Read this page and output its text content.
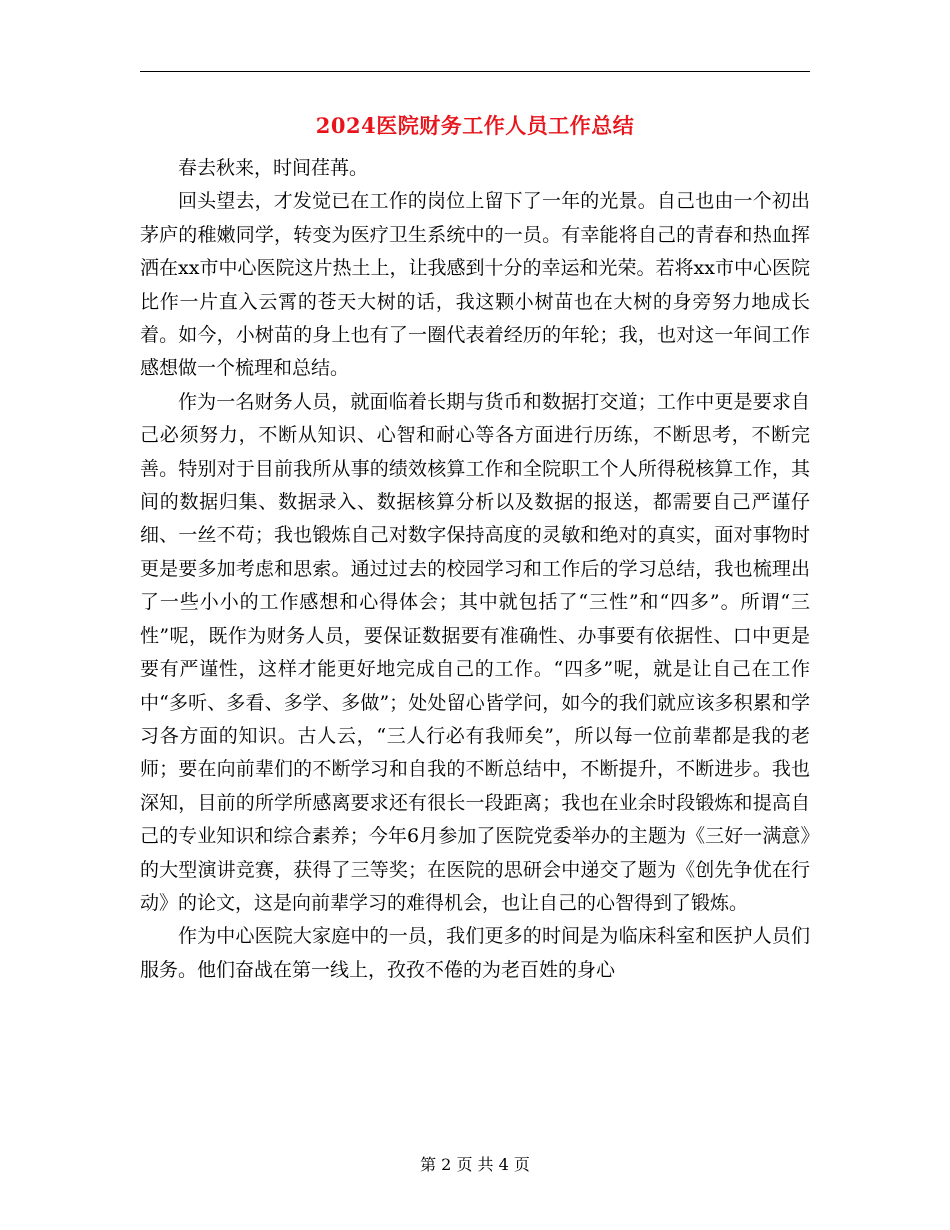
2024医院财务工作人员工作总结

春去秋来，时间荏苒。

回头望去，才发觉已在工作的岗位上留下了一年的光景。自己也由一个初出茅庐的稚嫩同学，转变为医疗卫生系统中的一员。有幸能将自己的青春和热血挥洒在xx市中心医院这片热土上，让我感到十分的幸运和光荣。若将xx市中心医院比作一片直入云霄的苍天大树的话，我这颗小树苗也在大树的身旁努力地成长着。如今，小树苗的身上也有了一圈代表着经历的年轮；我，也对这一年间工作感想做一个梳理和总结。

作为一名财务人员，就面临着长期与货币和数据打交道；工作中更是要求自己必须努力，不断从知识、心智和耐心等各方面进行历练，不断思考，不断完善。特别对于目前我所从事的绩效核算工作和全院职工个人所得税核算工作，其间的数据归集、数据录入、数据核算分析以及数据的报送，都需要自己严谨仔细、一丝不苟；我也锻炼自己对数字保持高度的灵敏和绝对的真实，面对事物时更是要多加考虑和思索。通过过去的校园学习和工作后的学习总结，我也梳理出了一些小小的工作感想和心得体会；其中就包括了“三性”和“四多”。所谓“三性”呢，既作为财务人员，要保证数据要有准确性、办事要有依据性、口中更是要有严谨性，这样才能更好地完成自己的工作。“四多”呢，就是让自己在工作中“多听、多看、多学、多做”；处处留心皆学问，如今的我们就应该多积累和学习各方面的知识。古人云，“三人行必有我师矣”，所以每一位前辈都是我的老师；要在向前辈们的不断学习和自我的不断总结中，不断提升，不断进步。我也深知，目前的所学所感离要求还有很长一段距离；我也在业余时段锻炼和提高自己的专业知识和综合素养；今年6月参加了医院党委举办的主题为《三好一满意》的大型演讲竞赛，获得了三等奖；在医院的思研会中递交了题为《创先争优在行动》的论文，这是向前辈学习的难得机会，也让自己的心智得到了锻炼。

作为中心医院大家庭中的一员，我们更多的时间是为临床科室和医护人员们服务。他们奋战在第一线上，孜孜不倦的为老百姓的身心

第 2 页 共 4 页
